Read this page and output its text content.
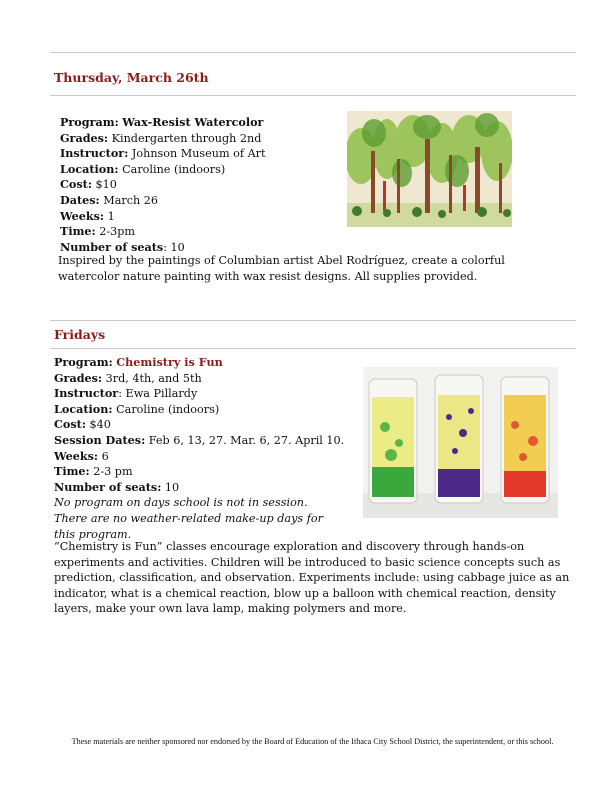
Thursday, March 26th
Program: Wax-Resist Watercolor
Grades: Kindergarten through 2nd
Instructor: Johnson Museum of Art
Location: Caroline (indoors)
Cost: $10
Dates: March 26
Weeks: 1
Time: 2-3pm
Number of seats: 10
Inspired by the paintings of Columbian artist Abel Rodríguez, create a colorful watercolor nature painting with wax resist designs. All supplies provided.
Fridays
Program: Chemistry is Fun
Grades: 3rd, 4th, and 5th
Instructor: Ewa Pillardy
Location: Caroline (indoors)
Cost: $40
Session Dates: Feb 6, 13, 27. Mar. 6, 27. April 10.
Weeks: 6
Time: 2-3 pm
Number of seats: 10
No program on days school is not in session. There are no weather-related make-up days for this program.
“Chemistry is Fun” classes encourage exploration and discovery through hands-on experiments and activities. Children will be introduced to basic science concepts such as prediction, classification, and observation. Experiments include: using cabbage juice as an indicator, what is a chemical reaction, blow up a balloon with chemical reaction, density layers, make your own lava lamp, making polymers and more.
These materials are neither sponsored nor endorsed by the Board of Education of the Ithaca City School District, the superintendent, or this school.
